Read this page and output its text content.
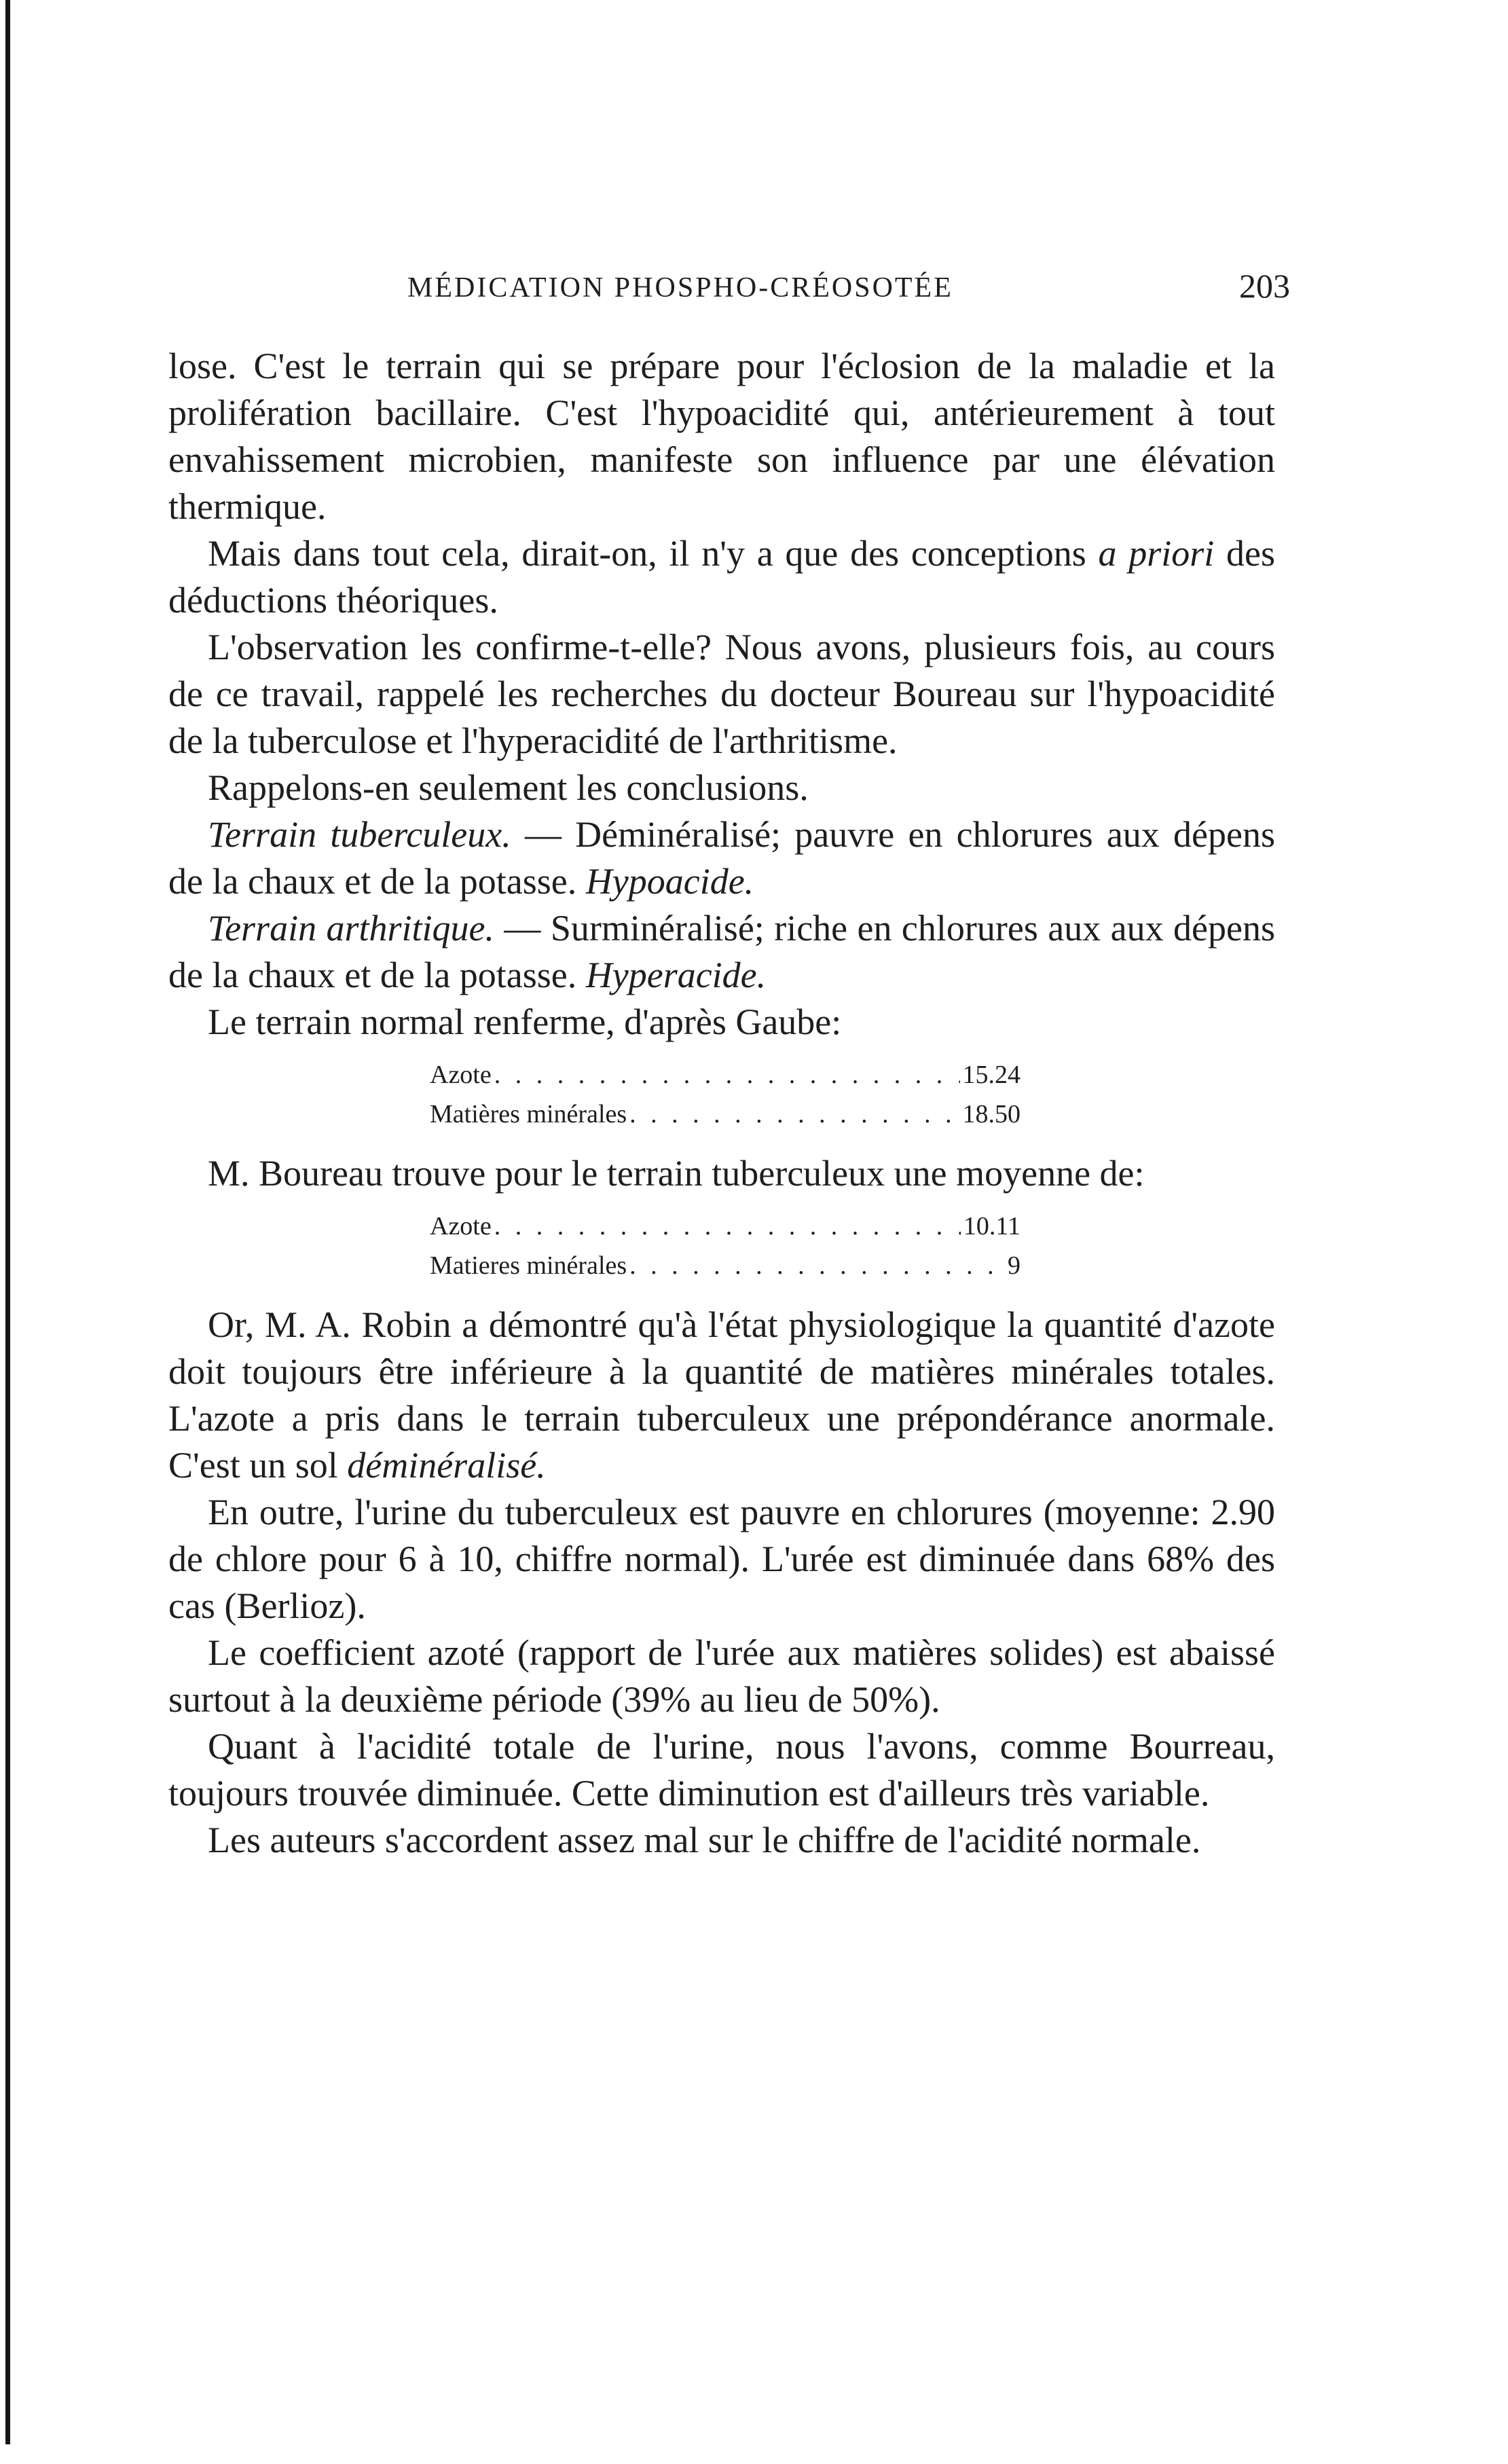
MÉDICATION PHOSPHO-CRÉOSOTÉE	203

lose. C'est le terrain qui se prépare pour l'éclosion de la maladie et la prolifération bacillaire. C'est l'hypoacidité qui, antérieurement à tout envahissement microbien, manifeste son influence par une élévation thermique.

Mais dans tout cela, dirait-on, il n'y a que des conceptions a priori des déductions théoriques.

L'observation les confirme-t-elle? Nous avons, plusieurs fois, au cours de ce travail, rappelé les recherches du docteur Boureau sur l'hypoacidité de la tuberculose et l'hyperacidité de l'arthritisme.

Rappelons-en seulement les conclusions.

Terrain tuberculeux. — Déminéralisé; pauvre en chlorures aux dépens de la chaux et de la potasse. Hypoacide.

Terrain arthritique. — Surminéralisé; riche en chlorures aux aux dépens de la chaux et de la potasse. Hyperacide.

Le terrain normal renferme, d'après Gaube:

Azote . . .	15.24
Matières minérales . . .	18.50

M. Boureau trouve pour le terrain tuberculeux une moyenne de:

Azote . . .	10.11
Matieres minérales . . .	9

Or, M. A. Robin a démontré qu'à l'état physiologique la quantité d'azote doit toujours être inférieure à la quantité de matières minérales totales. L'azote a pris dans le terrain tuberculeux une prépondérance anormale. C'est un sol déminéralisé.

En outre, l'urine du tuberculeux est pauvre en chlorures (moyenne: 2.90 de chlore pour 6 à 10, chiffre normal). L'urée est diminuée dans 68% des cas (Berlioz).

Le coefficient azoté (rapport de l'urée aux matières solides) est abaissé surtout à la deuxième période (39% au lieu de 50%).

Quant à l'acidité totale de l'urine, nous l'avons, comme Bourreau, toujours trouvée diminuée. Cette diminution est d'ailleurs très variable.

Les auteurs s'accordent assez mal sur le chiffre de l'acidité normale.
